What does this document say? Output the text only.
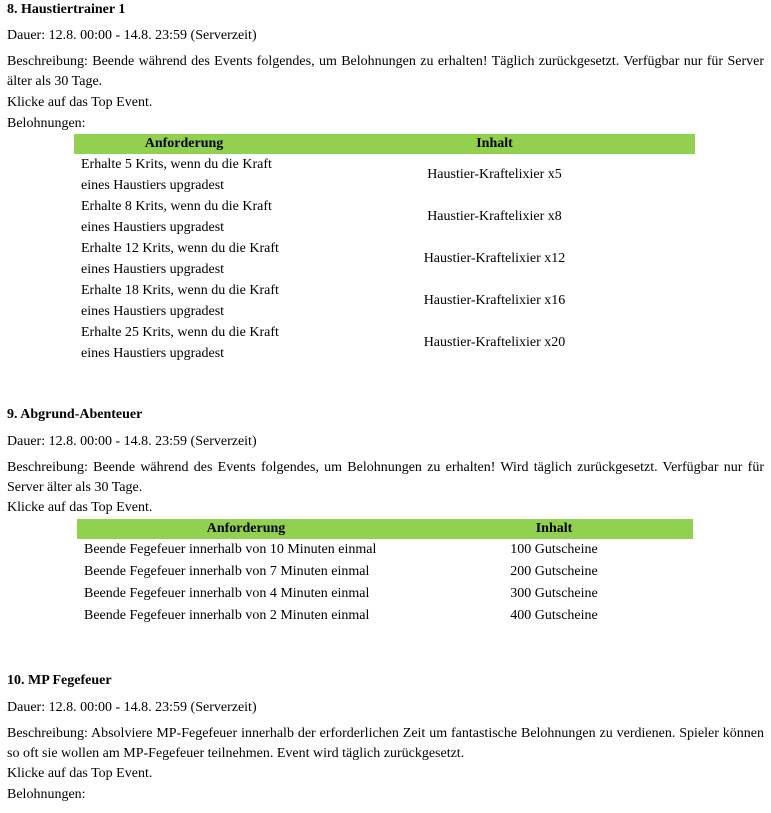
8. Haustiertrainer 1
Dauer: 12.8. 00:00 - 14.8. 23:59 (Serverzeit)
Beschreibung: Beende während des Events folgendes, um Belohnungen zu erhalten! Täglich zurückgesetzt. Verfügbar nur für Server älter als 30 Tage.
Klicke auf das Top Event.
Belohnungen:
Anforderung	Inhalt
Erhalte 5 Krits, wenn du die Kraft
eines Haustiers upgradest	Haustier-Kraftelixier x5
Erhalte 8 Krits, wenn du die Kraft
eines Haustiers upgradest	Haustier-Kraftelixier x8
Erhalte 12 Krits, wenn du die Kraft
eines Haustiers upgradest	Haustier-Kraftelixier x12
Erhalte 18 Krits, wenn du die Kraft
eines Haustiers upgradest	Haustier-Kraftelixier x16
Erhalte 25 Krits, wenn du die Kraft
eines Haustiers upgradest	Haustier-Kraftelixier x20
9. Abgrund-Abenteuer
Dauer: 12.8. 00:00 - 14.8. 23:59 (Serverzeit)
Beschreibung: Beende während des Events folgendes, um Belohnungen zu erhalten! Wird täglich zurückgesetzt. Verfügbar nur für Server älter als 30 Tage.
Klicke auf das Top Event.
Anforderung	Inhalt
Beende Fegefeuer innerhalb von 10 Minuten einmal	100 Gutscheine
Beende Fegefeuer innerhalb von 7 Minuten einmal	200 Gutscheine
Beende Fegefeuer innerhalb von 4 Minuten einmal	300 Gutscheine
Beende Fegefeuer innerhalb von 2 Minuten einmal	400 Gutscheine
10. MP Fegefeuer
Dauer: 12.8. 00:00 - 14.8. 23:59 (Serverzeit)
Beschreibung: Absolviere MP-Fegefeuer innerhalb der erforderlichen Zeit um fantastische Belohnungen zu verdienen. Spieler können so oft sie wollen am MP-Fegefeuer teilnehmen. Event wird täglich zurückgesetzt.
Klicke auf das Top Event.
Belohnungen:
